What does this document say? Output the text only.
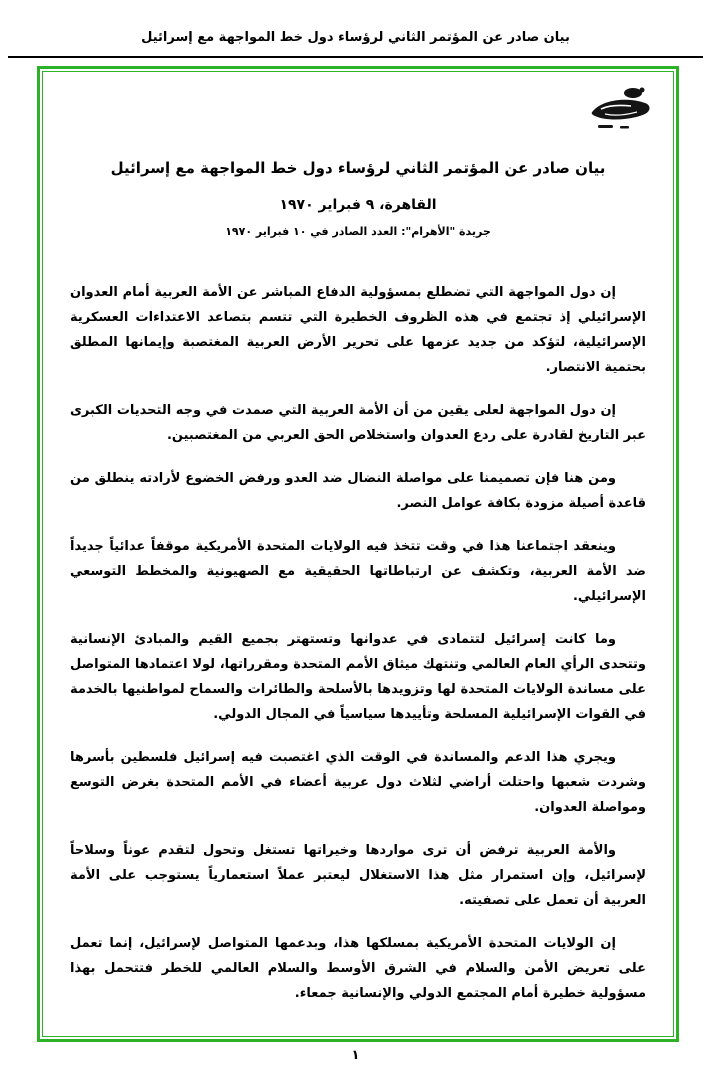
بيان صادر عن المؤتمر الثاني لرؤساء دول خط المواجهة مع إسرائيل
بيان صادر عن المؤتمر الثاني لرؤساء دول خط المواجهة مع إسرائيل
القاهرة، ٩ فبراير ١٩٧٠
جريدة "الأهرام": العدد الصادر في ١٠ فبراير ١٩٧٠

إن دول المواجهة التي تضطلع بمسؤولية الدفاع المباشر عن الأمة العربية أمام العدوان الإسرائيلي إذ تجتمع في هذه الظروف الخطيرة التي تتسم بتصاعد الاعتداءات العسكرية الإسرائيلية، لتؤكد من جديد عزمها على تحرير الأرض العربية المغتصبة وإيمانها المطلق بحتمية الانتصار.

إن دول المواجهة لعلى يقين من أن الأمة العربية التي صمدت في وجه التحديات الكبرى عبر التاريخ لقادرة على ردع العدوان واستخلاص الحق العربي من المغتصبين.

ومن هنا فإن تصميمنا على مواصلة النضال ضد العدو ورفض الخضوع لأرادته ينطلق من قاعدة أصيلة مزودة بكافة عوامل النصر.

وينعقد اجتماعنا هذا في وقت تتخذ فيه الولايات المتحدة الأمريكية موقفاً عدائياً جديداً ضد الأمة العربية، وتكشف عن ارتباطاتها الحقيقية مع الصهيونية والمخطط التوسعي الإسرائيلي.

وما كانت إسرائيل لتتمادى في عدوانها وتستهتر بجميع القيم والمبادئ الإنسانية وتتحدى الرأي العام العالمي وتنتهك ميثاق الأمم المتحدة ومقرراتها، لولا اعتمادها المتواصل على مساندة الولايات المتحدة لها وتزويدها بالأسلحة والطائرات والسماح لمواطنيها بالخدمة في القوات الإسرائيلية المسلحة وتأييدها سياسياً في المجال الدولي.

ويجري هذا الدعم والمساندة في الوقت الذي اغتصبت فيه إسرائيل فلسطين بأسرها وشردت شعبها واحتلت أراضي لثلاث دول عربية أعضاء في الأمم المتحدة بغرض التوسع ومواصلة العدوان.

والأمة العربية ترفض أن ترى مواردها وخيراتها تستغل وتحول لتقدم عوناً وسلاحاً لإسرائيل، وإن استمرار مثل هذا الاستغلال ليعتبر عملاً استعمارياً يستوجب على الأمة العربية أن تعمل على تصفيته.

إن الولايات المتحدة الأمريكية بمسلكها هذا، وبدعمها المتواصل لإسرائيل، إنما تعمل على تعريض الأمن والسلام في الشرق الأوسط والسلام العالمي للخطر فتتحمل بهذا مسؤولية خطيرة أمام المجتمع الدولي والإنسانية جمعاء.

١
